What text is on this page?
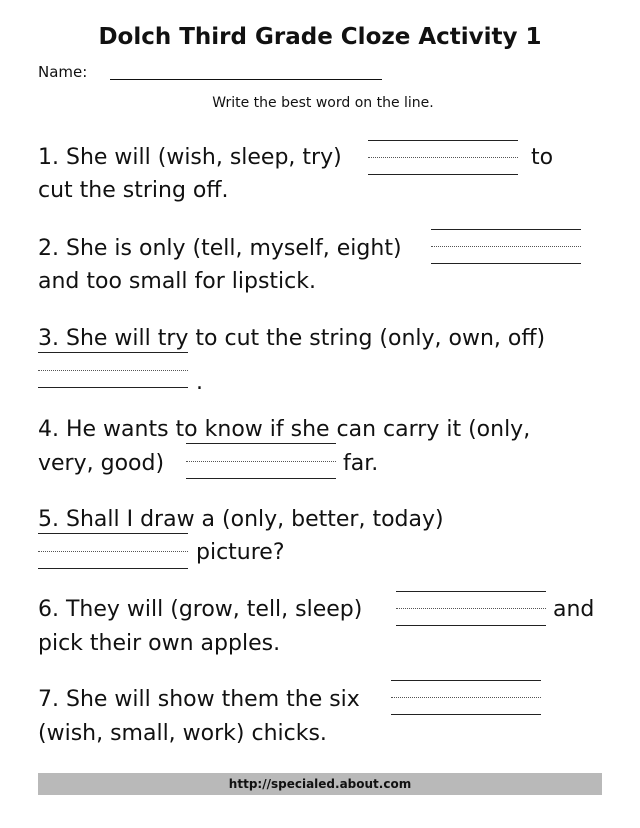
Dolch Third Grade Cloze Activity 1
Name:
Write the best word on the line.
1. She will (wish, sleep, try)	to
cut the string off.
2. She is only (tell, myself, eight)
and too small for lipstick.
3. She will try to cut the string (only, own, off)
.
4. He wants to know if she can carry it (only,
very, good)	far.
5. Shall I draw a (only, better, today)
picture?
6. They will (grow, tell, sleep)	and
pick their own apples.
7. She will show them the six
(wish, small, work) chicks.
http://specialed.about.com
